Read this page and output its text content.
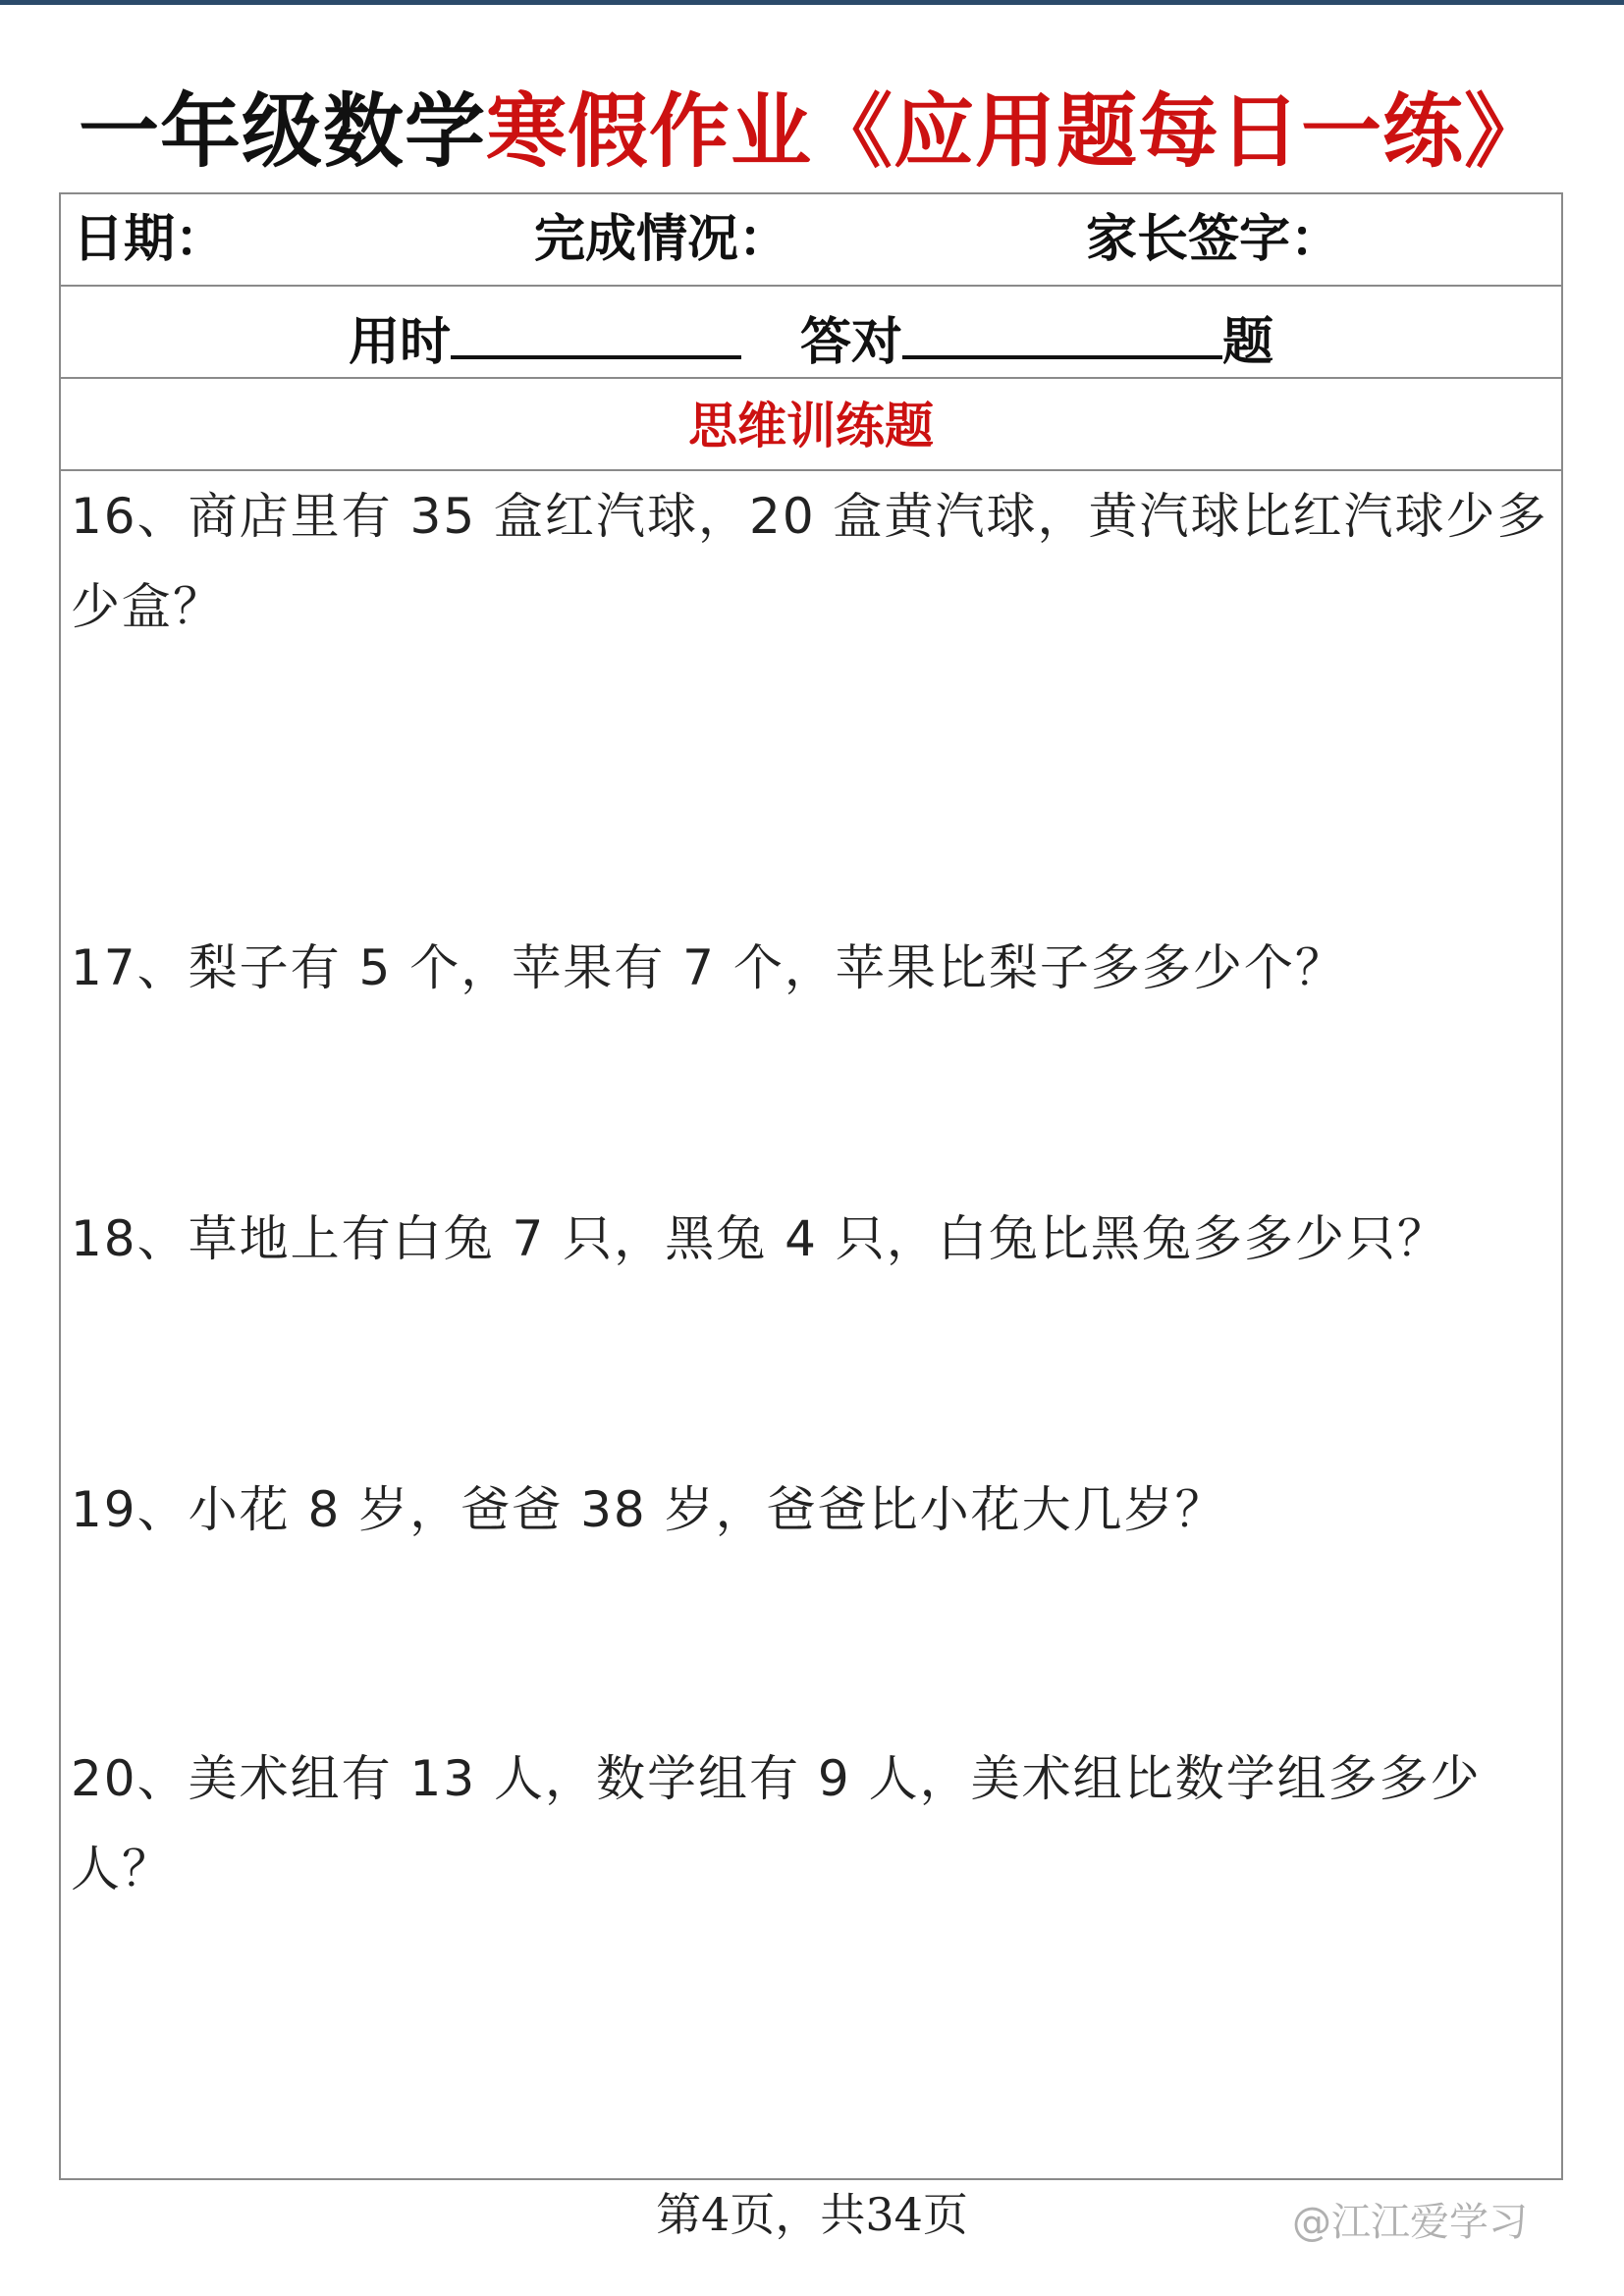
一年级数学寒假作业《应用题每日一练》
日期：	完成情况：	家长签字：
用时	答对	题
思维训练题
16、商店里有 35 盒红汽球，20 盒黄汽球，黄汽球比红汽球少多少盒？
17、梨子有 5 个，苹果有 7 个，苹果比梨子多多少个？
18、草地上有白兔 7 只，黑兔 4 只，白兔比黑兔多多少只？
19、小花 8 岁，爸爸 38 岁，爸爸比小花大几岁？
20、美术组有 13 人，数学组有 9 人，美术组比数学组多多少人？
第4页，共34页	@江江爱学习
